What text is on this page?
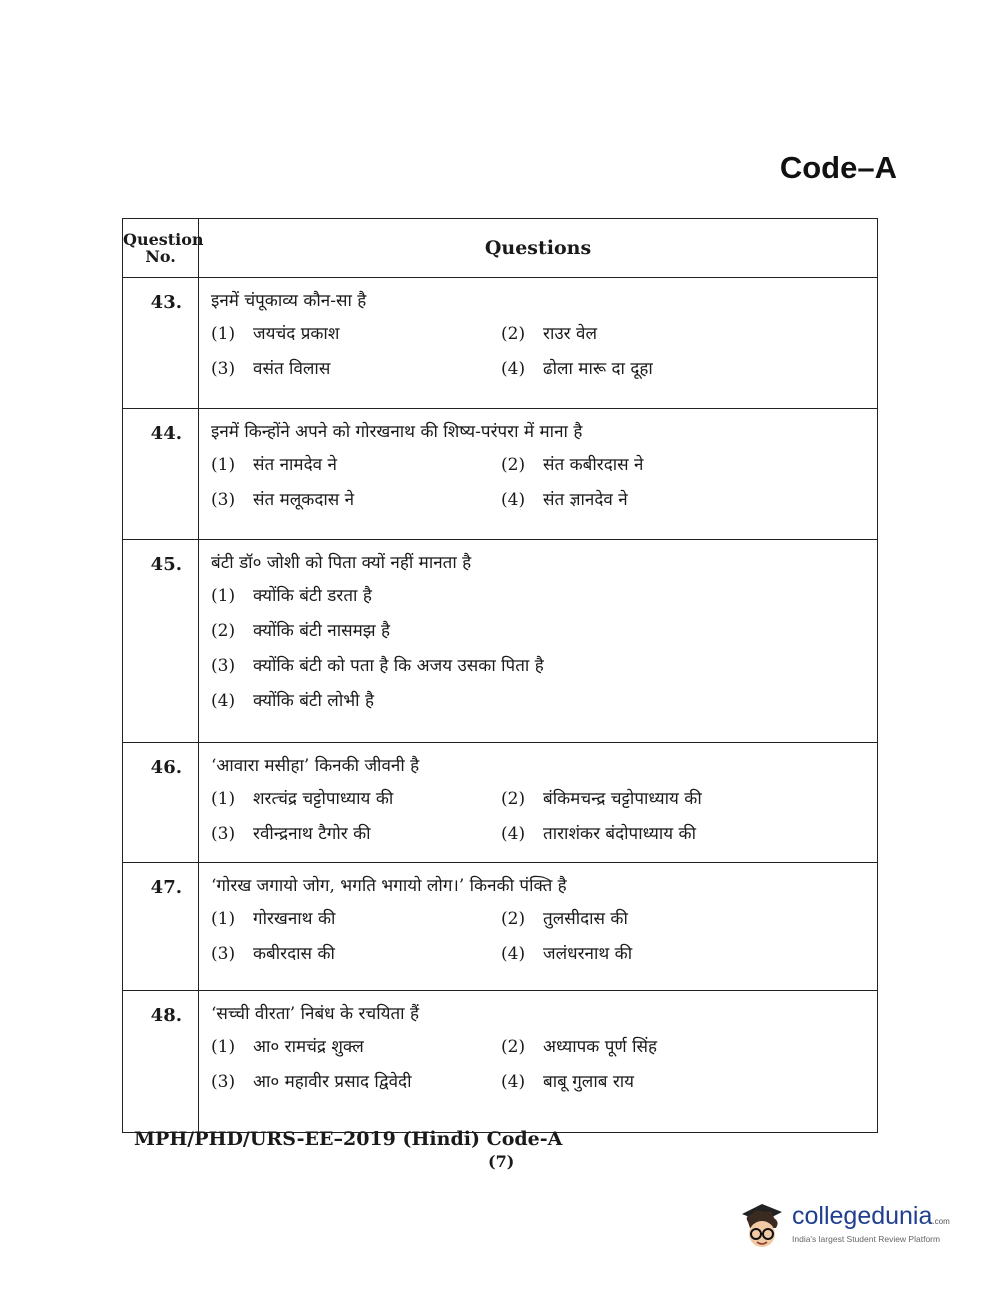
Code–A
Question No.	Questions
43.	इनमें चंपूकाव्य कौन-सा है
(1) जयचंद प्रकाश (2) राउर वेल
(3) वसंत विलास (4) ढोला मारू दा दूहा

44.	इनमें किन्होंने अपने को गोरखनाथ की शिष्य-परंपरा में माना है
(1) संत नामदेव ने (2) संत कबीरदास ने
(3) संत मलूकदास ने (4) संत ज्ञानदेव ने

45.	बंटी डॉ० जोशी को पिता क्यों नहीं मानता है
(1) क्योंकि बंटी डरता है
(2) क्योंकि बंटी नासमझ है
(3) क्योंकि बंटी को पता है कि अजय उसका पिता है
(4) क्योंकि बंटी लोभी है

46.	‘आवारा मसीहा’ किनकी जीवनी है
(1) शरत्चंद्र चट्टोपाध्याय की (2) बंकिमचन्द्र चट्टोपाध्याय की
(3) रवीन्द्रनाथ टैगोर की (4) ताराशंकर बंदोपाध्याय की

47.	‘गोरख जगायो जोग, भगति भगायो लोग।’ किनकी पंक्ति है
(1) गोरखनाथ की (2) तुलसीदास की
(3) कबीरदास की (4) जलंधरनाथ की

48.	‘सच्ची वीरता’ निबंध के रचयिता हैं
(1) आ० रामचंद्र शुक्ल (2) अध्यापक पूर्ण सिंह
(3) आ० महावीर प्रसाद द्विवेदी (4) बाबू गुलाब राय
MPH/PHD/URS-EE–2019 (Hindi) Code-A
(7)
collegedunia.com
India's largest Student Review Platform
